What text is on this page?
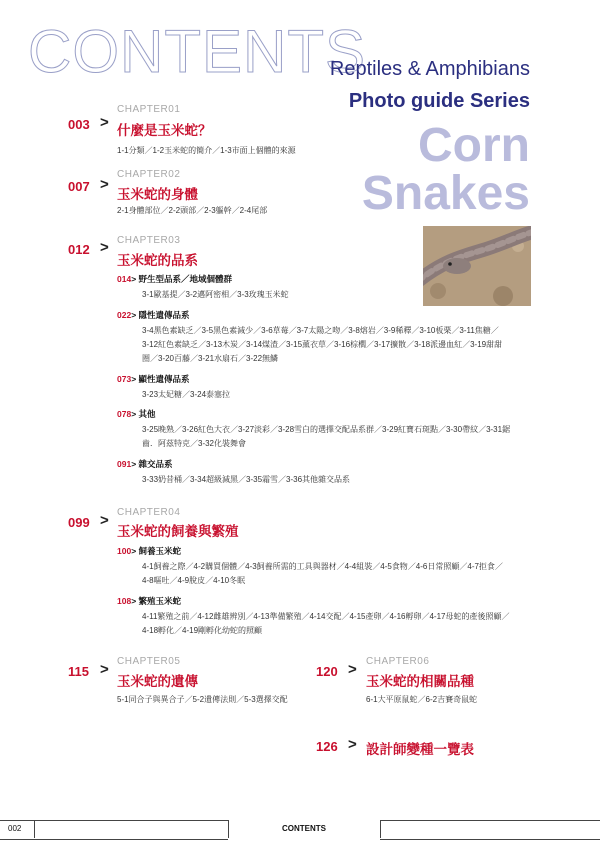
CONTENTS
Reptiles & Amphibians
Photo guide Series
Corn
Snakes
CHAPTER01
003 > 什麼是玉米蛇？
1-1分類／1-2玉米蛇的簡介／1-3市面上個體的來源
CHAPTER02
007 >
玉米蛇的身體
2-1身體部位／2-2頭部／2-3軀幹／2-4尾部
CHAPTER03
012 >
玉米蛇的品系
014> 野生型品系／地域個體群
3-1歐基提／3-2邁阿密相／3-3玫瑰玉米蛇
022> 隱性遺傳品系
3-4黑色素缺乏／3-5黑色素減少／3-6草莓／3-7太陽之吻／3-8熔岩／3-9稀釋／3-10板栗／3-11焦糖／
3-12紅色素缺乏／3-13木炭／3-14煤渣／3-15薰衣草／3-16棕櫚／3-17擴散／3-18派邊血紅／3-19甜甜
圈／3-20百藤／3-21水扇石／3-22無鱗
073> 顯性遺傳品系
3-23太妃糖／3-24泰塞拉
078> 其他
3-25晚熟／3-26紅色大衣／3-27淡彩／3-28雪白的選擇交配品系群／3-29紅寶石斑點／3-30帶紋／3-31鋸
齒．阿茲特克／3-32化裝舞會
091> 雜交品系
3-33奶昔桶／3-34超級減黑／3-35霜雪／3-36其他雜交品系
CHAPTER04
099 >
玉米蛇的飼養與繁殖
100> 飼養玉米蛇
4-1飼養之際／4-2購買個體／4-3飼養所需的工具與器材／4-4組裝／4-5食物／4-6日常照顧／4-7拒食／
4-8嘔吐／4-9脫皮／4-10冬眠
108> 繁殖玉米蛇
4-11繁殖之前／4-12雌雄辨別／4-13準備繁殖／4-14交配／4-15產卵／4-16孵卵／4-17母蛇的產後照顧／
4-18孵化／4-19剛孵化幼蛇的照顧
CHAPTER05
115 >
玉米蛇的遺傳
5-1同合子與異合子／5-2遺傳法則／5-3選擇交配
CHAPTER06
120 >
玉米蛇的相關品種
6-1大平原鼠蛇／6-2吉賽奇鼠蛇
126 > 設計師變種一覽表
002	CONTENTS
